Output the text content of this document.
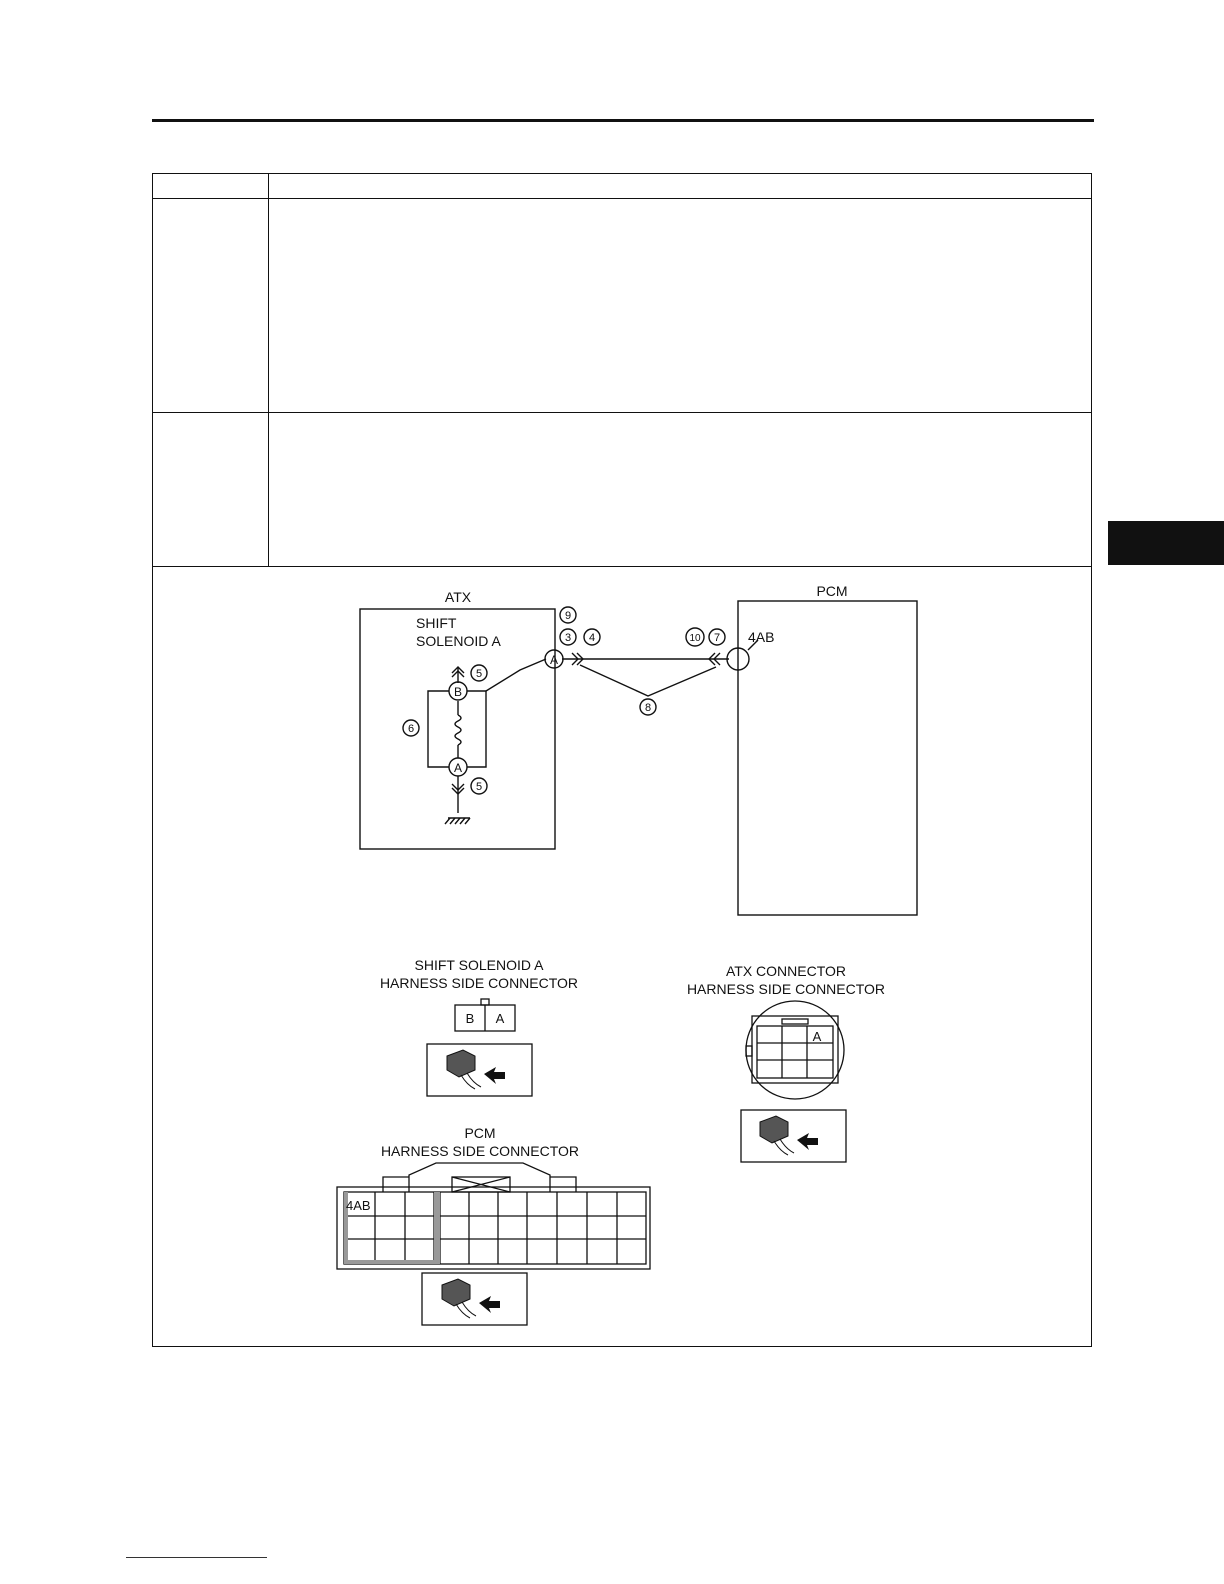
ATX	PCM
SHIFT
SOLENOID A	4AB
A
B
A
9
3 4
5
5
6
8
10 7
SHIFT SOLENOID A
HARNESS SIDE CONNECTOR
B A
ATX CONNECTOR
HARNESS SIDE CONNECTOR
A
PCM
HARNESS SIDE CONNECTOR
4AB
